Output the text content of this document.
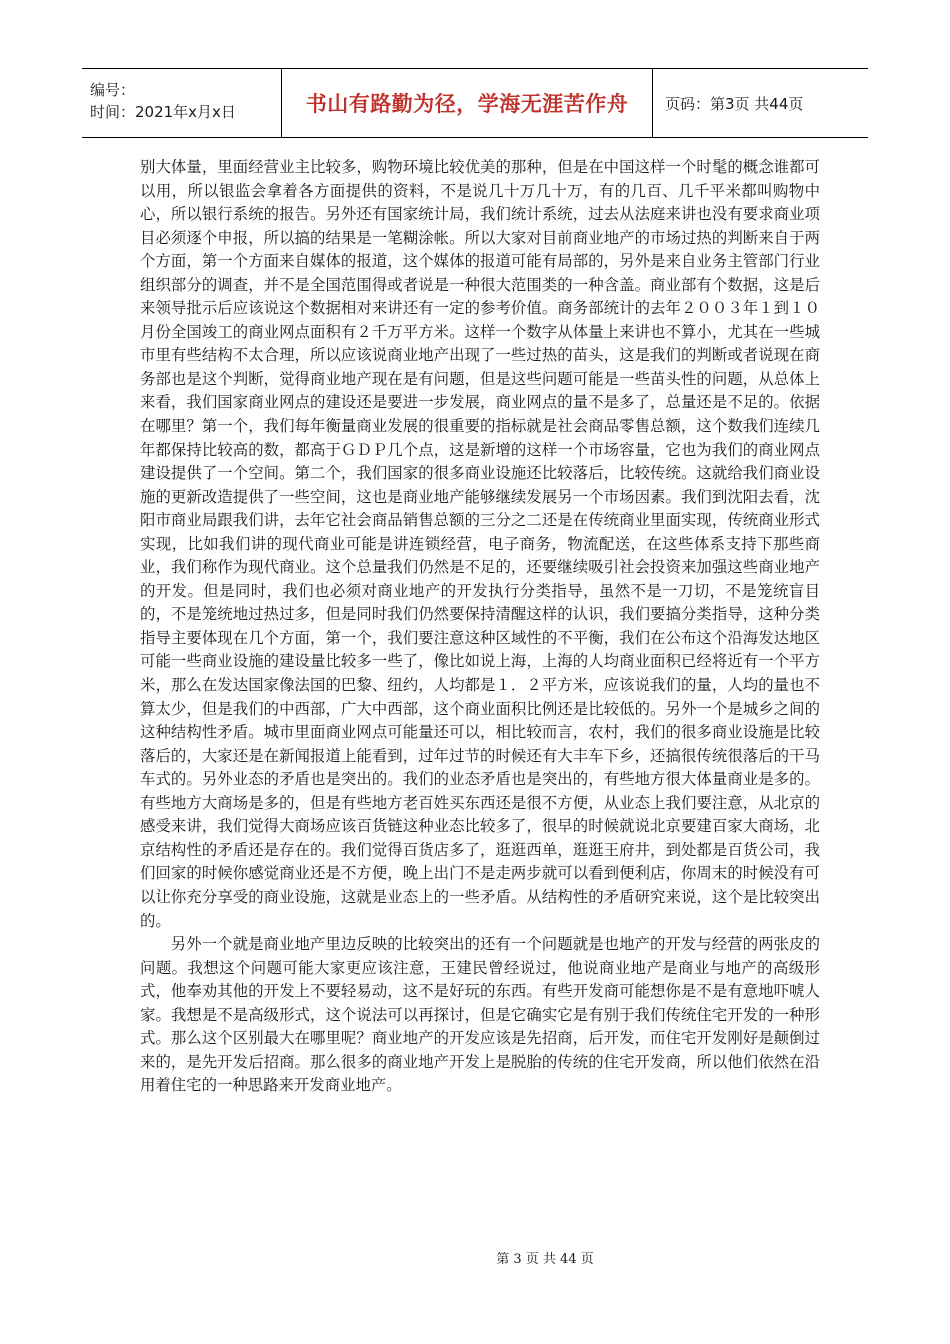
编号：
时间：2021年x月x日	书山有路勤为径，学海无涯苦作舟 页码：第3页 共44页

别大体量，里面经营业主比较多，购物环境比较优美的那种，但是在中国这样一个时髦的概念谁都可以用，所以银监会拿着各方面提供的资料，不是说几十万几十万，有的几百、几千平米都叫购物中心，所以银行系统的报告。另外还有国家统计局，我们统计系统，过去从法庭来讲也没有要求商业项目必须逐个申报，所以搞的结果是一笔糊涂帐。所以大家对目前商业地产的市场过热的判断来自于两个方面，第一个方面来自媒体的报道，这个媒体的报道可能有局部的，另外是来自业务主管部门行业组织部分的调查，并不是全国范围得或者说是一种很大范围类的一种含盖。商业部有个数据，这是后来领导批示后应该说这个数据相对来讲还有一定的参考价值。商务部统计的去年２００３年１到１０月份全国竣工的商业网点面积有２千万平方米。这样一个数字从体量上来讲也不算小，尤其在一些城市里有些结构不太合理，所以应该说商业地产出现了一些过热的苗头，这是我们的判断或者说现在商务部也是这个判断，觉得商业地产现在是有问题，但是这些问题可能是一些苗头性的问题，从总体上来看，我们国家商业网点的建设还是要进一步发展，商业网点的量不是多了，总量还是不足的。依据在哪里？第一个，我们每年衡量商业发展的很重要的指标就是社会商品零售总额，这个数我们连续几年都保持比较高的数，都高于ＧＤＰ几个点，这是新增的这样一个市场容量，它也为我们的商业网点建设提供了一个空间。第二个，我们国家的很多商业设施还比较落后，比较传统。这就给我们商业设施的更新改造提供了一些空间，这也是商业地产能够继续发展另一个市场因素。我们到沈阳去看，沈阳市商业局跟我们讲，去年它社会商品销售总额的三分之二还是在传统商业里面实现，传统商业形式实现，比如我们讲的现代商业可能是讲连锁经营，电子商务，物流配送，在这些体系支持下那些商业，我们称作为现代商业。这个总量我们仍然是不足的，还要继续吸引社会投资来加强这些商业地产的开发。但是同时，我们也必须对商业地产的开发执行分类指导，虽然不是一刀切，不是笼统盲目的，不是笼统地过热过多，但是同时我们仍然要保持清醒这样的认识，我们要搞分类指导，这种分类指导主要体现在几个方面，第一个，我们要注意这种区域性的不平衡，我们在公布这个沿海发达地区可能一些商业设施的建设量比较多一些了，像比如说上海，上海的人均商业面积已经将近有一个平方米，那么在发达国家像法国的巴黎、纽约，人均都是１．２平方米，应该说我们的量，人均的量也不算太少，但是我们的中西部，广大中西部，这个商业面积比例还是比较低的。另外一个是城乡之间的这种结构性矛盾。城市里面商业网点可能量还可以，相比较而言，农村，我们的很多商业设施是比较落后的，大家还是在新闻报道上能看到，过年过节的时候还有大丰车下乡，还搞很传统很落后的干马车式的。另外业态的矛盾也是突出的。我们的业态矛盾也是突出的，有些地方很大体量商业是多的。有些地方大商场是多的，但是有些地方老百姓买东西还是很不方便，从业态上我们要注意，从北京的感受来讲，我们觉得大商场应该百货链这种业态比较多了，很早的时候就说北京要建百家大商场，北京结构性的矛盾还是存在的。我们觉得百货店多了，逛逛西单，逛逛王府井，到处都是百货公司，我们回家的时候你感觉商业还是不方便，晚上出门不是走两步就可以看到便利店，你周末的时候没有可以让你充分享受的商业设施，这就是业态上的一些矛盾。从结构性的矛盾研究来说，这个是比较突出的。

另外一个就是商业地产里边反映的比较突出的还有一个问题就是也地产的开发与经营的两张皮的问题。我想这个问题可能大家更应该注意，王建民曾经说过，他说商业地产是商业与地产的高级形式，他奉劝其他的开发上不要轻易动，这不是好玩的东西。有些开发商可能想你是不是有意地吓唬人家。我想是不是高级形式，这个说法可以再探讨，但是它确实它是有别于我们传统住宅开发的一种形式。那么这个区别最大在哪里呢？商业地产的开发应该是先招商，后开发，而住宅开发刚好是颠倒过来的，是先开发后招商。那么很多的商业地产开发上是脱胎的传统的住宅开发商，所以他们依然在沿用着住宅的一种思路来开发商业地产。

第 3 页 共 44 页
